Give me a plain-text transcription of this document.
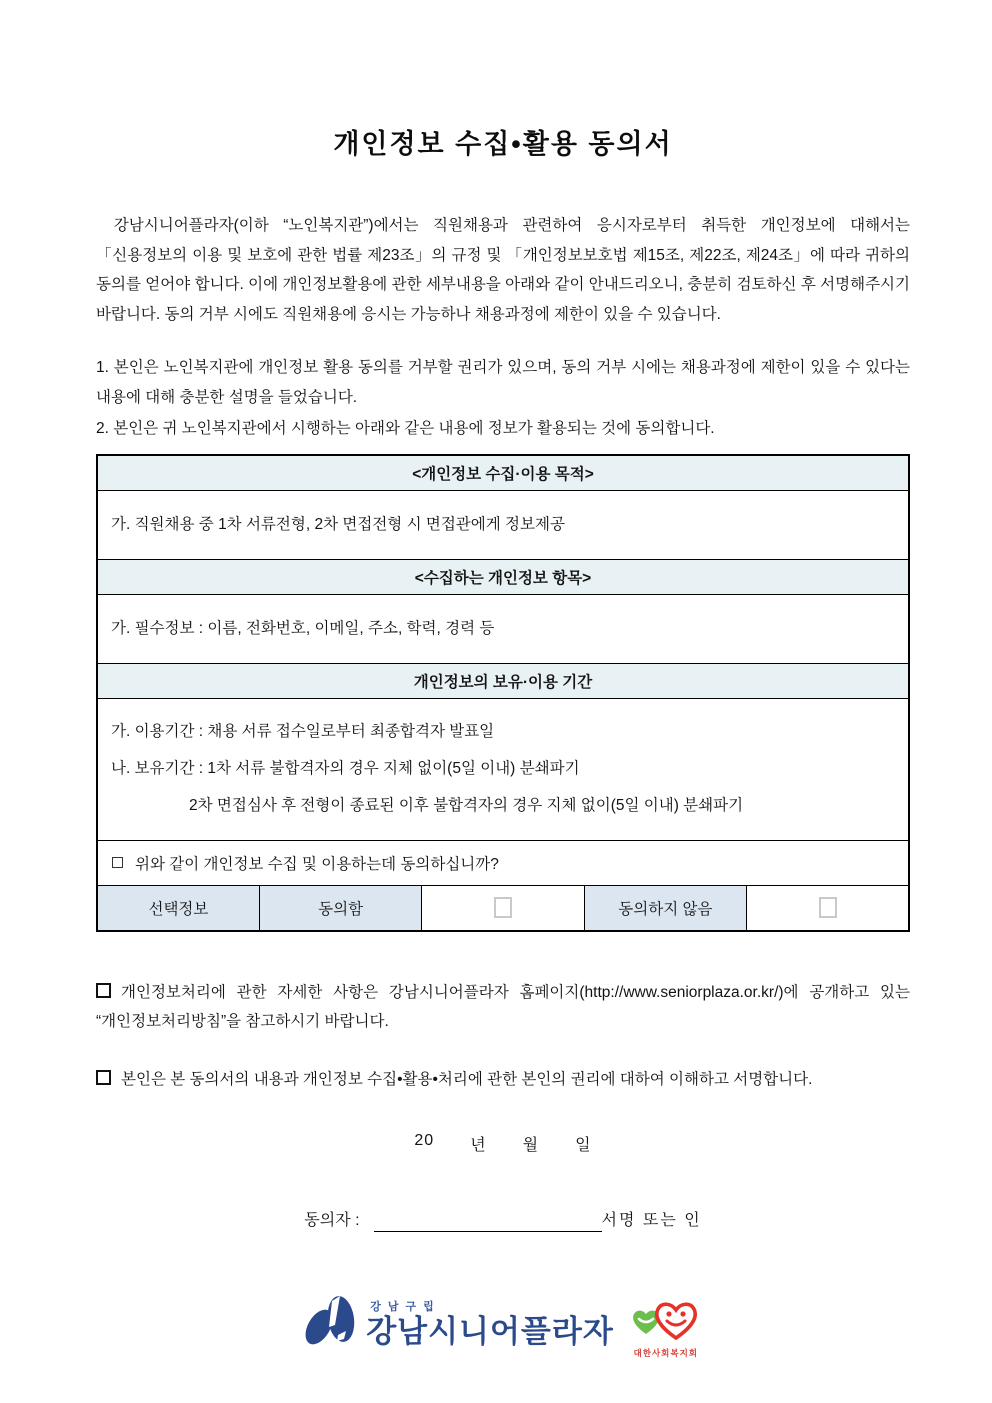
개인정보 수집•활용 동의서

강남시니어플라자(이하 “노인복지관”)에서는 직원채용과 관련하여 응시자로부터 취득한 개인정보에 대해서는 「신용정보의 이용 및 보호에 관한 법률 제23조」의 규정 및 「개인정보보호법 제15조, 제22조, 제24조」에 따라 귀하의 동의를 얻어야 합니다. 이에 개인정보활용에 관한 세부내용을 아래와 같이 안내드리오니, 충분히 검토하신 후 서명해주시기 바랍니다. 동의 거부 시에도 직원채용에 응시는 가능하나 채용과정에 제한이 있을 수 있습니다.

1. 본인은 노인복지관에 개인정보 활용 동의를 거부할 권리가 있으며, 동의 거부 시에는 채용과정에 제한이 있을 수 있다는 내용에 대해 충분한 설명을 들었습니다.

2. 본인은 귀 노인복지관에서 시행하는 아래와 같은 내용에 정보가 활용되는 것에 동의합니다.

<개인정보 수집·이용 목적>

가. 직원채용 중 1차 서류전형, 2차 면접전형 시 면접관에게 정보제공

<수집하는 개인정보 항목>

가. 필수정보 : 이름, 전화번호, 이메일, 주소, 학력, 경력 등

개인정보의 보유·이용 기간

가. 이용기간 : 채용 서류 접수일로부터 최종합격자 발표일
나. 보유기간 : 1차 서류 불합격자의 경우 지체 없이(5일 이내) 분쇄파기
2차 면접심사 후 전형이 종료된 이후 불합격자의 경우 지체 없이(5일 이내) 분쇄파기

위와 같이 개인정보 수집 및 이용하는데 동의하십니까?
선택정보	동의함		동의하지 않음	

개인정보처리에 관한 자세한 사항은 강남시니어플라자 홈페이지(http://www.seniorplaza.or.kr/)에 공개하고 있는 “개인정보처리방침”을 참고하시기 바랍니다.

본인은 본 동의서의 내용과 개인정보 수집•활용•처리에 관한 본인의 권리에 대하여 이해하고 서명합니다.

20 년 월 일
동의자 :	서명 또는 인
강남구립
강남시니어플라자
대한사회복지회
